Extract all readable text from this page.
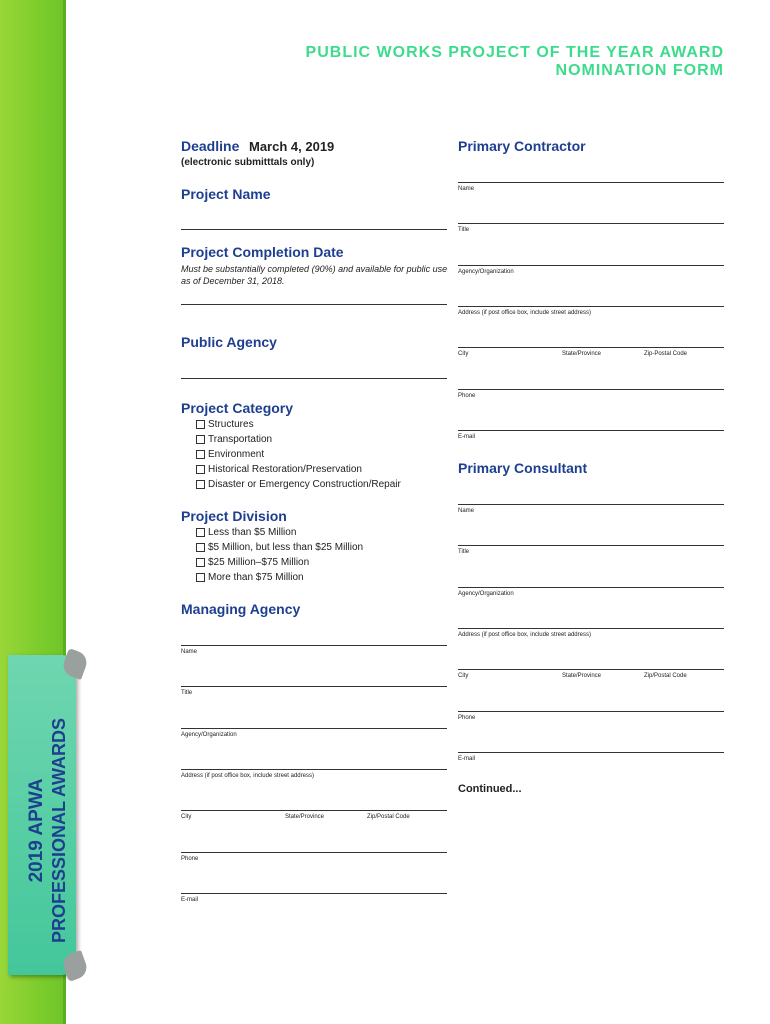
2019 APWA PROFESSIONAL AWARDS
PUBLIC WORKS PROJECT OF THE YEAR AWARD
NOMINATION FORM
Deadline March 4, 2019
(electronic submitttals only)
Project Name
Project Completion Date
Must be substantially completed (90%) and available for public use as of December 31, 2018.
Public Agency
Project Category
Structures
Transportation
Environment
Historical Restoration/Preservation
Disaster or Emergency Construction/Repair
Project Division
Less than $5 Million
$5 Million, but less than $25 Million
$25 Million–$75 Million
More than $75 Million
Managing Agency
Name
Title
Agency/Organization
Address (if post office box, include street address)
City	State/Province	Zip/Postal Code
Phone
E-mail
Primary Contractor
Name
Title
Agency/Organization
Address (if post office box, include street address)
City	State/Province	Zip-Postal Code
Phone
E-mail
Primary Consultant
Name
Title
Agency/Organization
Address (if post office box, include street address)
City	State/Province	Zip/Postal Code
Phone
E-mail
Continued...
